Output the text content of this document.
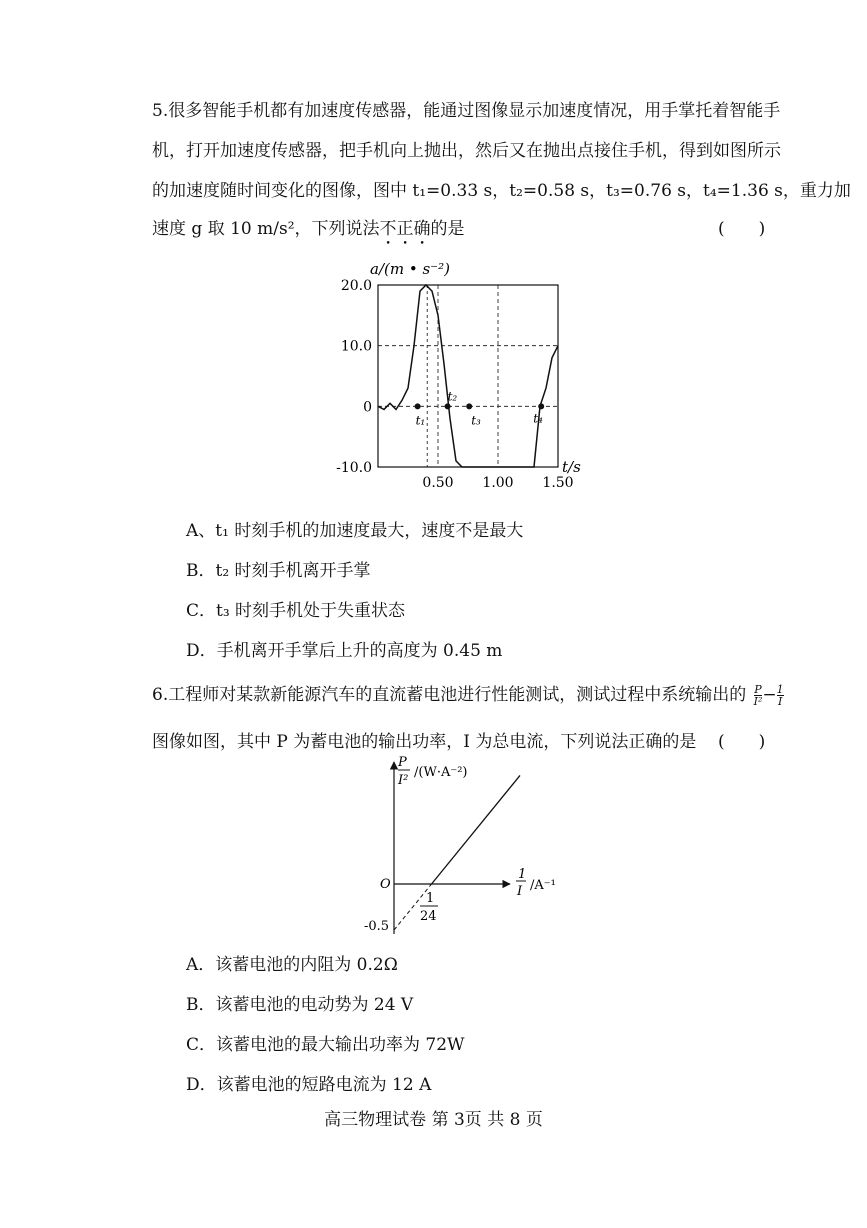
5.很多智能手机都有加速度传感器，能通过图像显示加速度情况，用手掌托着智能手
机，打开加速度传感器，把手机向上抛出，然后又在抛出点接住手机，得到如图所示
的加速度随时间变化的图像，图中 t₁=0.33 s，t₂=0.58 s，t₃=0.76 s，t₄=1.36 s，重力加
速度 g 取 10 m/s²，下列说法不正确的是	(　　)
20.0
10.0
0
-10.0
0.50 1.00 1.50
t₁
t₂
t₃	t₄
a/(m • s⁻²)
t/s
A、t₁ 时刻手机的加速度最大，速度不是最大
B．t₂ 时刻手机离开手掌
C．t₃ 时刻手机处于失重状态
D．手机离开手掌后上升的高度为 0.45 m
6.工程师对某款新能源汽车的直流蓄电池进行性能测试，测试过程中系统输出的 $\frac{P}{\text{I²}} - \frac{1}{I}$
图像如图，其中 P 为蓄电池的输出功率，I 为总电流，下列说法正确的是 (　　)
P
I²
/(W·A⁻²)
1
I /A⁻¹
O
-0.5
1
24
A．该蓄电池的内阻为 0.2Ω
B．该蓄电池的电动势为 24 V
C．该蓄电池的最大输出功率为 72W
D．该蓄电池的短路电流为 12 A
高三物理试卷 第 3页 共 8 页
